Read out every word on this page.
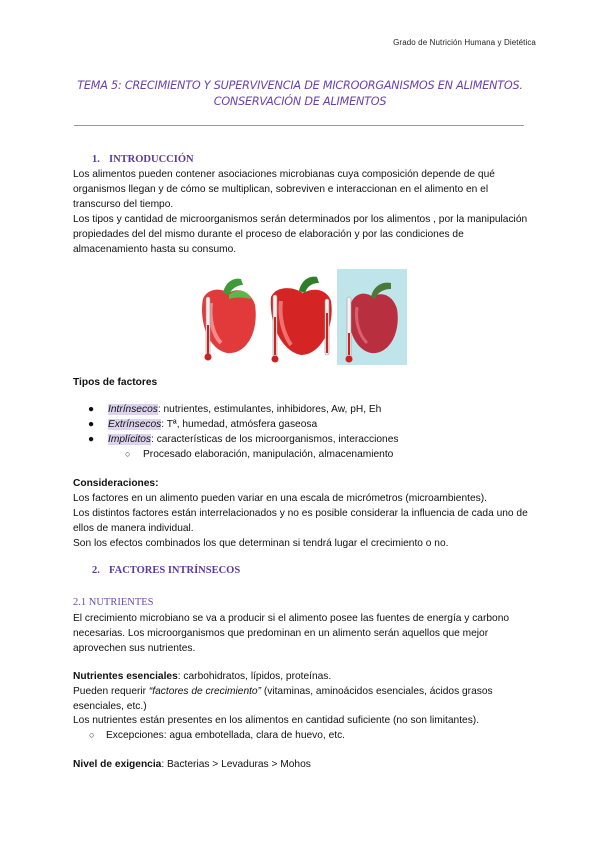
Grado de Nutrición Humana y Dietética
TEMA 5: CRECIMIENTO Y SUPERVIVENCIA DE MICROORGANISMOS EN ALIMENTOS.
CONSERVACIÓN DE ALIMENTOS
1. INTRODUCCIÓN
Los alimentos pueden contener asociaciones microbianas cuya composición depende de qué organismos llegan y de cómo se multiplican, sobreviven e interaccionan en el alimento en el transcurso del tiempo.
Los tipos y cantidad de microorganismos serán determinados por los alimentos , por la manipulación propiedades del del mismo durante el proceso de elaboración y por las condiciones de almacenamiento hasta su consumo.
Tipos de factores
● Intrínsecos: nutrientes, estimulantes, inhibidores, Aw, pH, Eh
● Extrínsecos: Tª, humedad, atmósfera gaseosa
● Implícitos: características de los microorganismos, interacciones
○ Procesado elaboración, manipulación, almacenamiento
Consideraciones:
Los factores en un alimento pueden variar en una escala de micrómetros (microambientes).
Los distintos factores están interrelacionados y no es posible considerar la influencia de cada uno de ellos de manera individual.
Son los efectos combinados los que determinan si tendrá lugar el crecimiento o no.
2. FACTORES INTRÍNSECOS
2.1 NUTRIENTES
El crecimiento microbiano se va a producir si el alimento posee las fuentes de energía y carbono necesarias. Los microorganismos que predominan en un alimento serán aquellos que mejor aprovechen sus nutrientes.
Nutrientes esenciales: carbohidratos, lípidos, proteínas.
Pueden requerir “factores de crecimiento” (vitaminas, aminoácidos esenciales, ácidos grasos esenciales, etc.)
Los nutrientes están presentes en los alimentos en cantidad suficiente (no son limitantes).
○ Excepciones: agua embotellada, clara de huevo, etc.
Nivel de exigencia: Bacterias > Levaduras > Mohos
